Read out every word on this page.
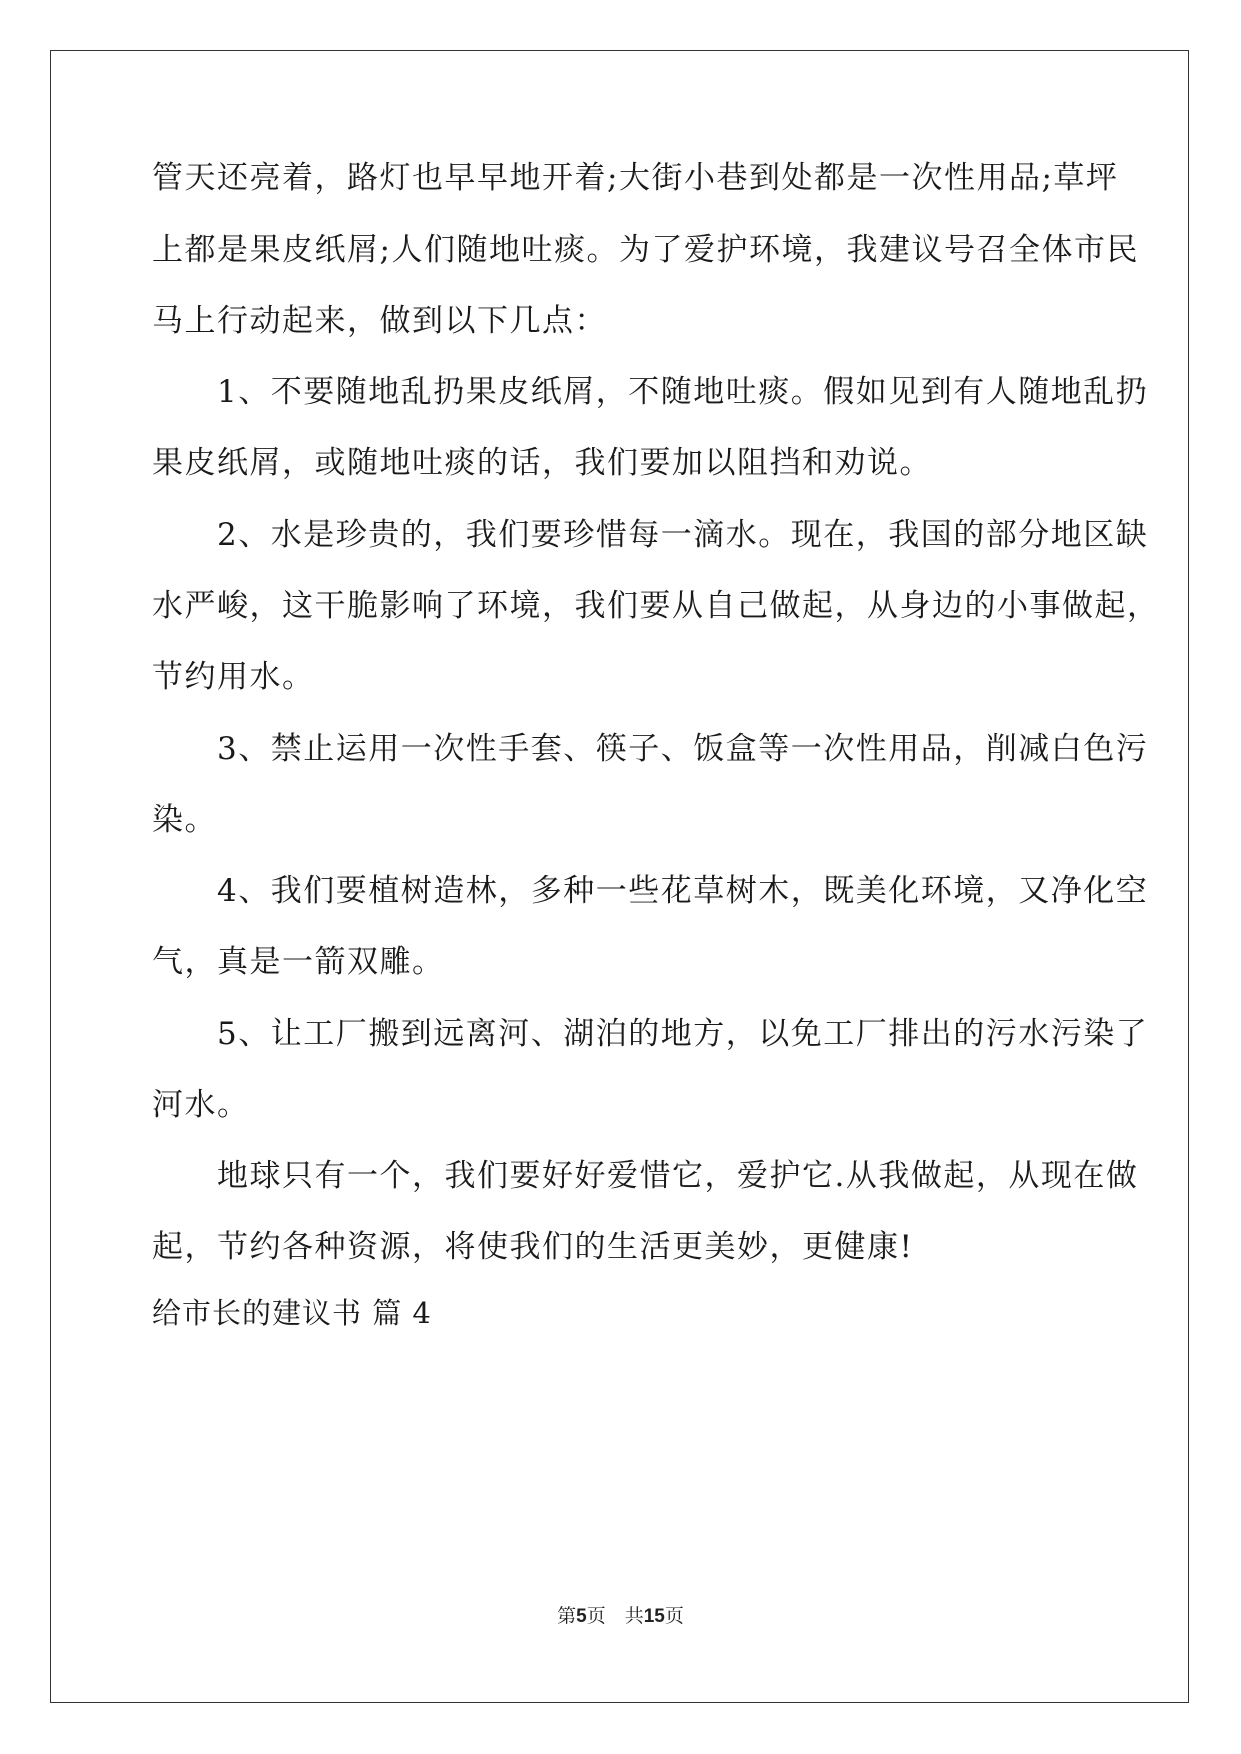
管天还亮着，路灯也早早地开着;大街小巷到处都是一次性用品;草坪
上都是果皮纸屑;人们随地吐痰。为了爱护环境，我建议号召全体市民
马上行动起来，做到以下几点：
　　1、不要随地乱扔果皮纸屑，不随地吐痰。假如见到有人随地乱扔
果皮纸屑，或随地吐痰的话，我们要加以阻挡和劝说。
　　2、水是珍贵的，我们要珍惜每一滴水。现在，我国的部分地区缺
水严峻，这干脆影响了环境，我们要从自己做起，从身边的小事做起，
节约用水。
　　3、禁止运用一次性手套、筷子、饭盒等一次性用品，削减白色污
染。
　　4、我们要植树造林，多种一些花草树木，既美化环境，又净化空
气，真是一箭双雕。
　　5、让工厂搬到远离河、湖泊的地方，以免工厂排出的污水污染了
河水。
　　地球只有一个，我们要好好爱惜它，爱护它.从我做起，从现在做
起，节约各种资源，将使我们的生活更美妙，更健康!
给市长的建议书 篇 4
第5页　共15页
